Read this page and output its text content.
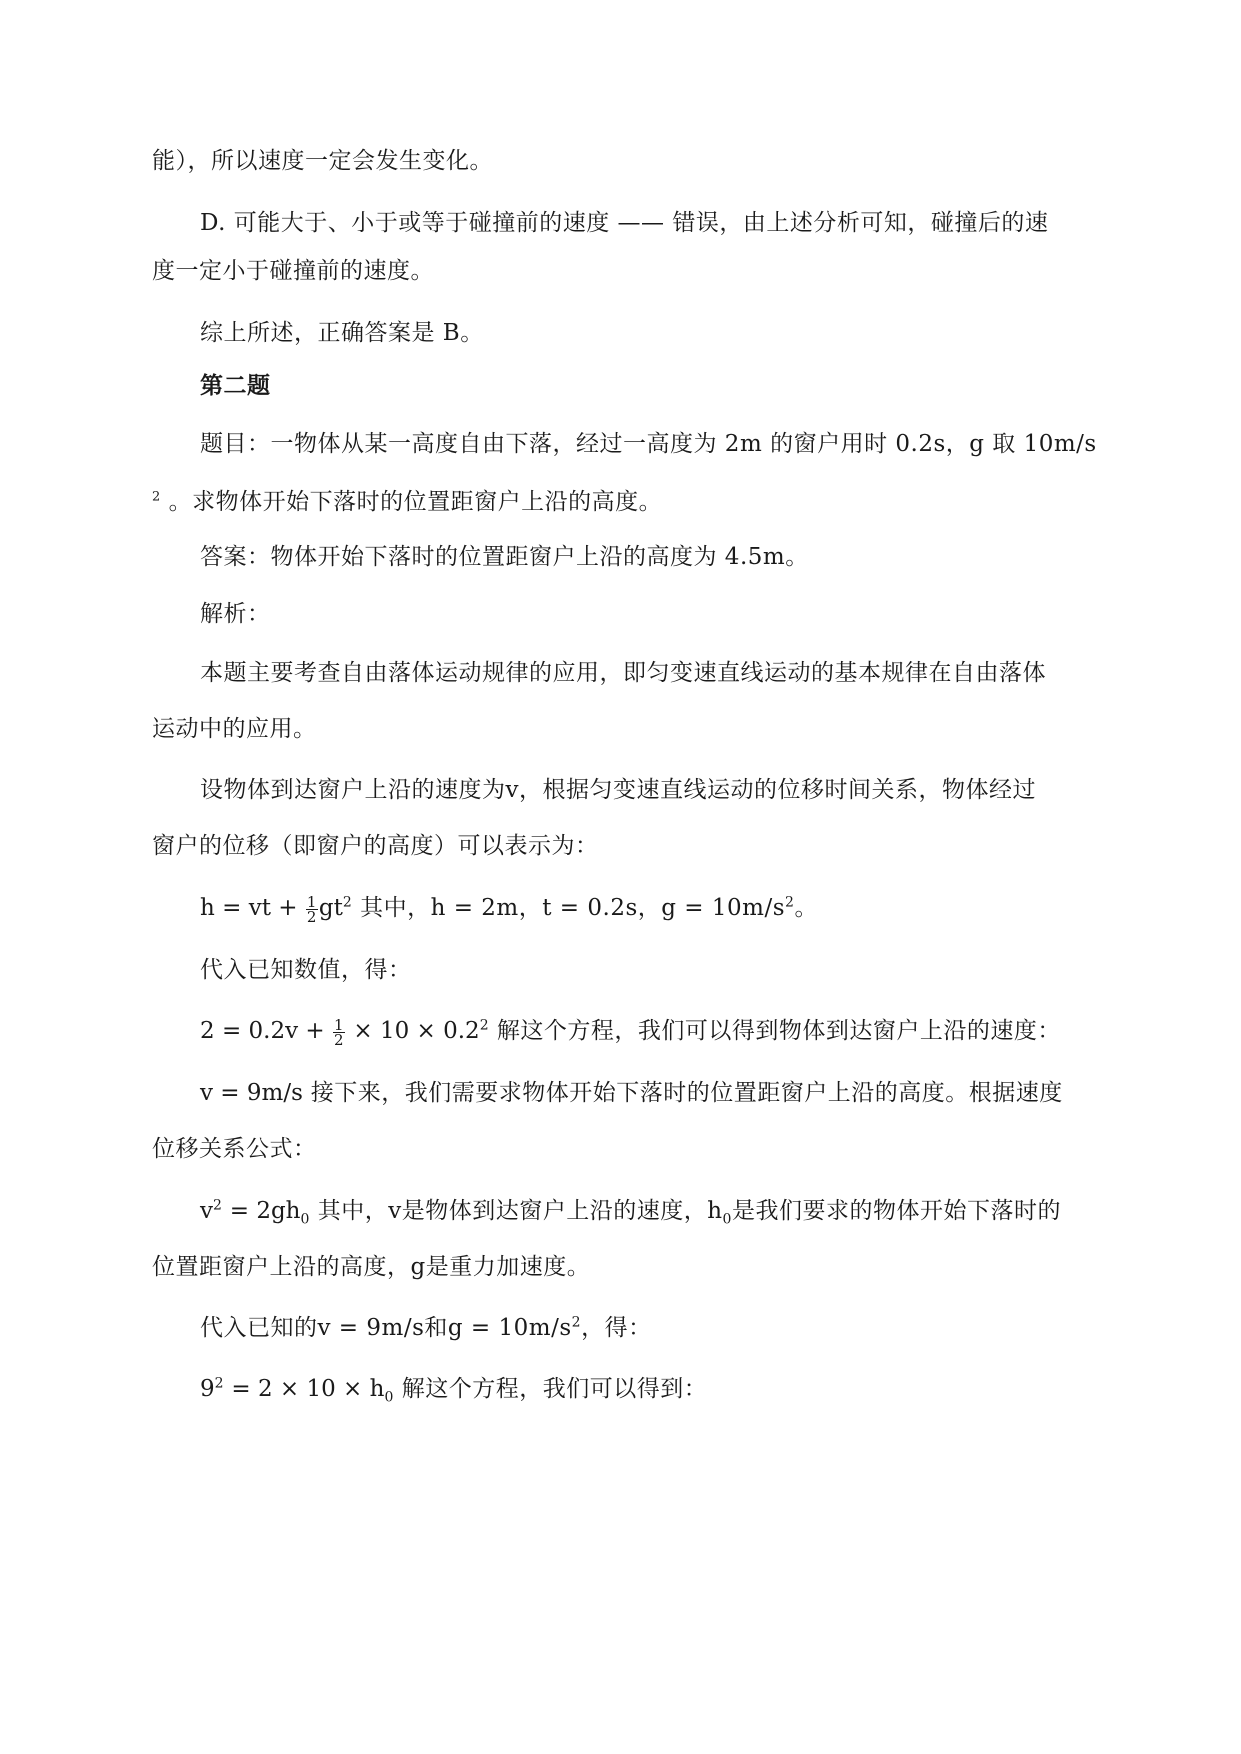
能），所以速度一定会发生变化。
D. 可能大于、小于或等于碰撞前的速度 —— 错误，由上述分析可知，碰撞后的速
度一定小于碰撞前的速度。
综上所述，正确答案是 B。
第二题
题目：一物体从某一高度自由下落，经过一高度为 2m 的窗户用时 0.2s，g 取 10m/s
$^2$ 。求物体开始下落时的位置距窗户上沿的高度。
答案：物体开始下落时的位置距窗户上沿的高度为 4.5m。
解析：
本题主要考查自由落体运动规律的应用，即匀变速直线运动的基本规律在自由落体
运动中的应用。
设物体到达窗户上沿的速度为v，根据匀变速直线运动的位移时间关系，物体经过
窗户的位移（即窗户的高度）可以表示为：
h = vt + $\frac{1}{2} gt^2$ 其中，h = 2m，t = 0.2s，$g = 10m/s^2$。
代入已知数值，得：
$2 = 0.2v + \frac{1}{2} \times 10 \times 0.2^2$ 解这个方程，我们可以得到物体到达窗户上沿的速度：
v = 9m/s 接下来，我们需要求物体开始下落时的位置距窗户上沿的高度。根据速度
位移关系公式：
$v^2 = 2gh_0$ 其中，v是物体到达窗户上沿的速度，$h_0$是我们要求的物体开始下落时的
位置距窗户上沿的高度，g是重力加速度。
代入已知的v = 9m/s和$g = 10m/s^2$，得：
$9^2 = 2 \times 10 \times h_0$ 解这个方程，我们可以得到：
